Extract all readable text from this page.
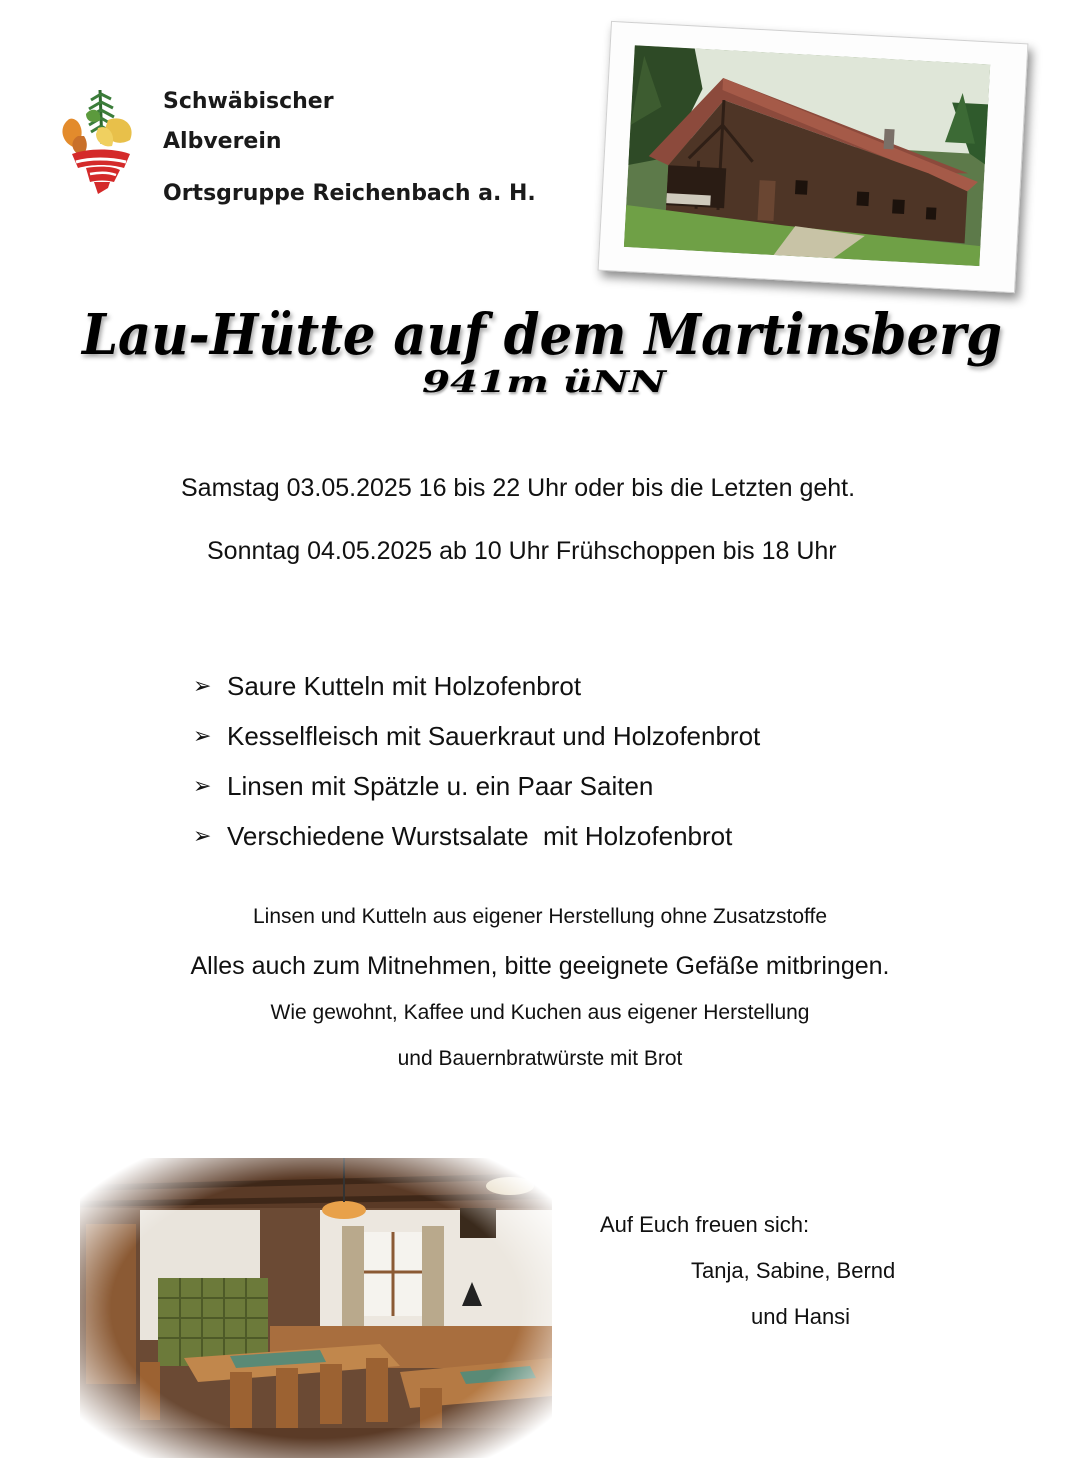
Schwäbischer
Albverein
Ortsgruppe Reichenbach a. H.
Lau-Hütte auf dem Martinsberg
941m üNN
Samstag 03.05.2025 16 bis 22 Uhr oder bis die Letzten geht.
Sonntag 04.05.2025 ab 10 Uhr Frühschoppen bis 18 Uhr
➢ Saure Kutteln mit Holzofenbrot
➢ Kesselfleisch mit Sauerkraut und Holzofenbrot
➢ Linsen mit Spätzle u. ein Paar Saiten
➢ Verschiedene Wurstsalate  mit Holzofenbrot
Linsen und Kutteln aus eigener Herstellung ohne Zusatzstoffe
Alles auch zum Mitnehmen, bitte geeignete Gefäße mitbringen.
Wie gewohnt, Kaffee und Kuchen aus eigener Herstellung
und Bauernbratwürste mit Brot
Auf Euch freuen sich:
Tanja, Sabine, Bernd
und Hansi
